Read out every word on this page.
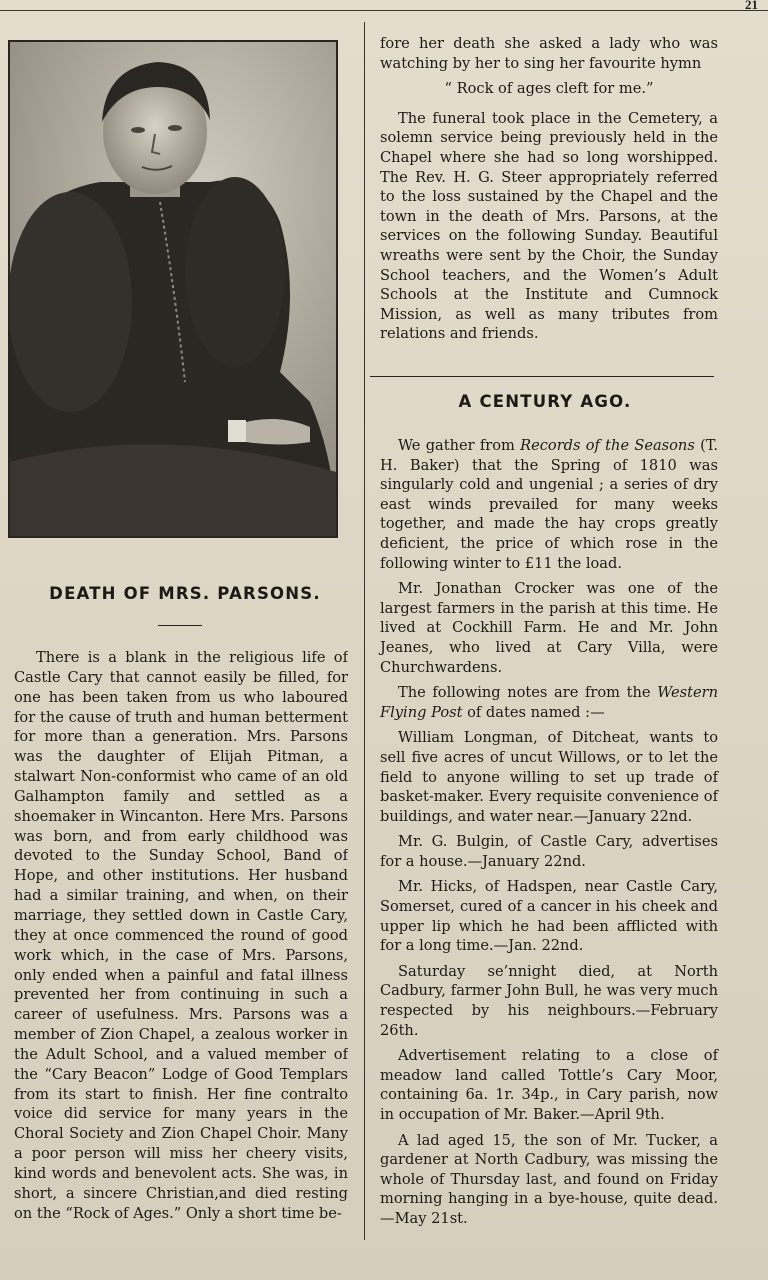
21
DEATH OF MRS. PARSONS.

There is a blank in the religious life of Castle Cary that cannot easily be filled, for one has been taken from us who laboured for the cause of truth and human betterment for more than a generation. Mrs. Parsons was the daughter of Elijah Pitman, a stalwart Non-conformist who came of an old Galhampton family and settled as a shoemaker in Wincanton. Here Mrs. Parsons was born, and from early childhood was devoted to the Sunday School, Band of Hope, and other institutions. Her husband had a similar training, and when, on their marriage, they settled down in Castle Cary, they at once commenced the round of good work which, in the case of Mrs. Parsons, only ended when a painful and fatal illness prevented her from continuing in such a career of usefulness. Mrs. Parsons was a member of Zion Chapel, a zealous worker in the Adult School, and a valued member of the “Cary Beacon” Lodge of Good Templars from its start to finish. Her fine contralto voice did service for many years in the Choral Society and Zion Chapel Choir. Many a poor person will miss her cheery visits, kind words and benevolent acts. She was, in short, a sincere Christian,and died resting on the “Rock of Ages.” Only a short time be-

fore her death she asked a lady who was watching by her to sing her favourite hymn

“ Rock of ages cleft for me.”

The funeral took place in the Cemetery, a solemn service being previously held in the Chapel where she had so long worshipped. The Rev. H. G. Steer appropriately referred to the loss sustained by the Chapel and the town in the death of Mrs. Parsons, at the services on the following Sunday. Beautiful wreaths were sent by the Choir, the Sunday School teachers, and the Women’s Adult Schools at the Institute and Cumnock Mission, as well as many tributes from relations and friends.

A CENTURY AGO.

We gather from Records of the Seasons (T. H. Baker) that the Spring of 1810 was singularly cold and ungenial ; a series of dry east winds prevailed for many weeks together, and made the hay crops greatly deficient, the price of which rose in the following winter to £11 the load.

Mr. Jonathan Crocker was one of the largest farmers in the parish at this time. He lived at Cockhill Farm. He and Mr. John Jeanes, who lived at Cary Villa, were Churchwardens.

The following notes are from the Western Flying Post of dates named :—

William Longman, of Ditcheat, wants to sell five acres of uncut Willows, or to let the field to anyone willing to set up trade of basket-maker. Every requisite convenience of buildings, and water near.—January 22nd.

Mr. G. Bulgin, of Castle Cary, advertises for a house.—January 22nd.

Mr. Hicks, of Hadspen, near Castle Cary, Somerset, cured of a cancer in his cheek and upper lip which he had been afflicted with for a long time.—Jan. 22nd.

Saturday se’nnight died, at North Cadbury, farmer John Bull, he was very much respected by his neighbours.—February 26th.

Advertisement relating to a close of meadow land called Tottle’s Cary Moor, containing 6a. 1r. 34p., in Cary parish, now in occupation of Mr. Baker.—April 9th.

A lad aged 15, the son of Mr. Tucker, a gardener at North Cadbury, was missing the whole of Thursday last, and found on Friday morning hanging in a bye-house, quite dead.—May 21st.
